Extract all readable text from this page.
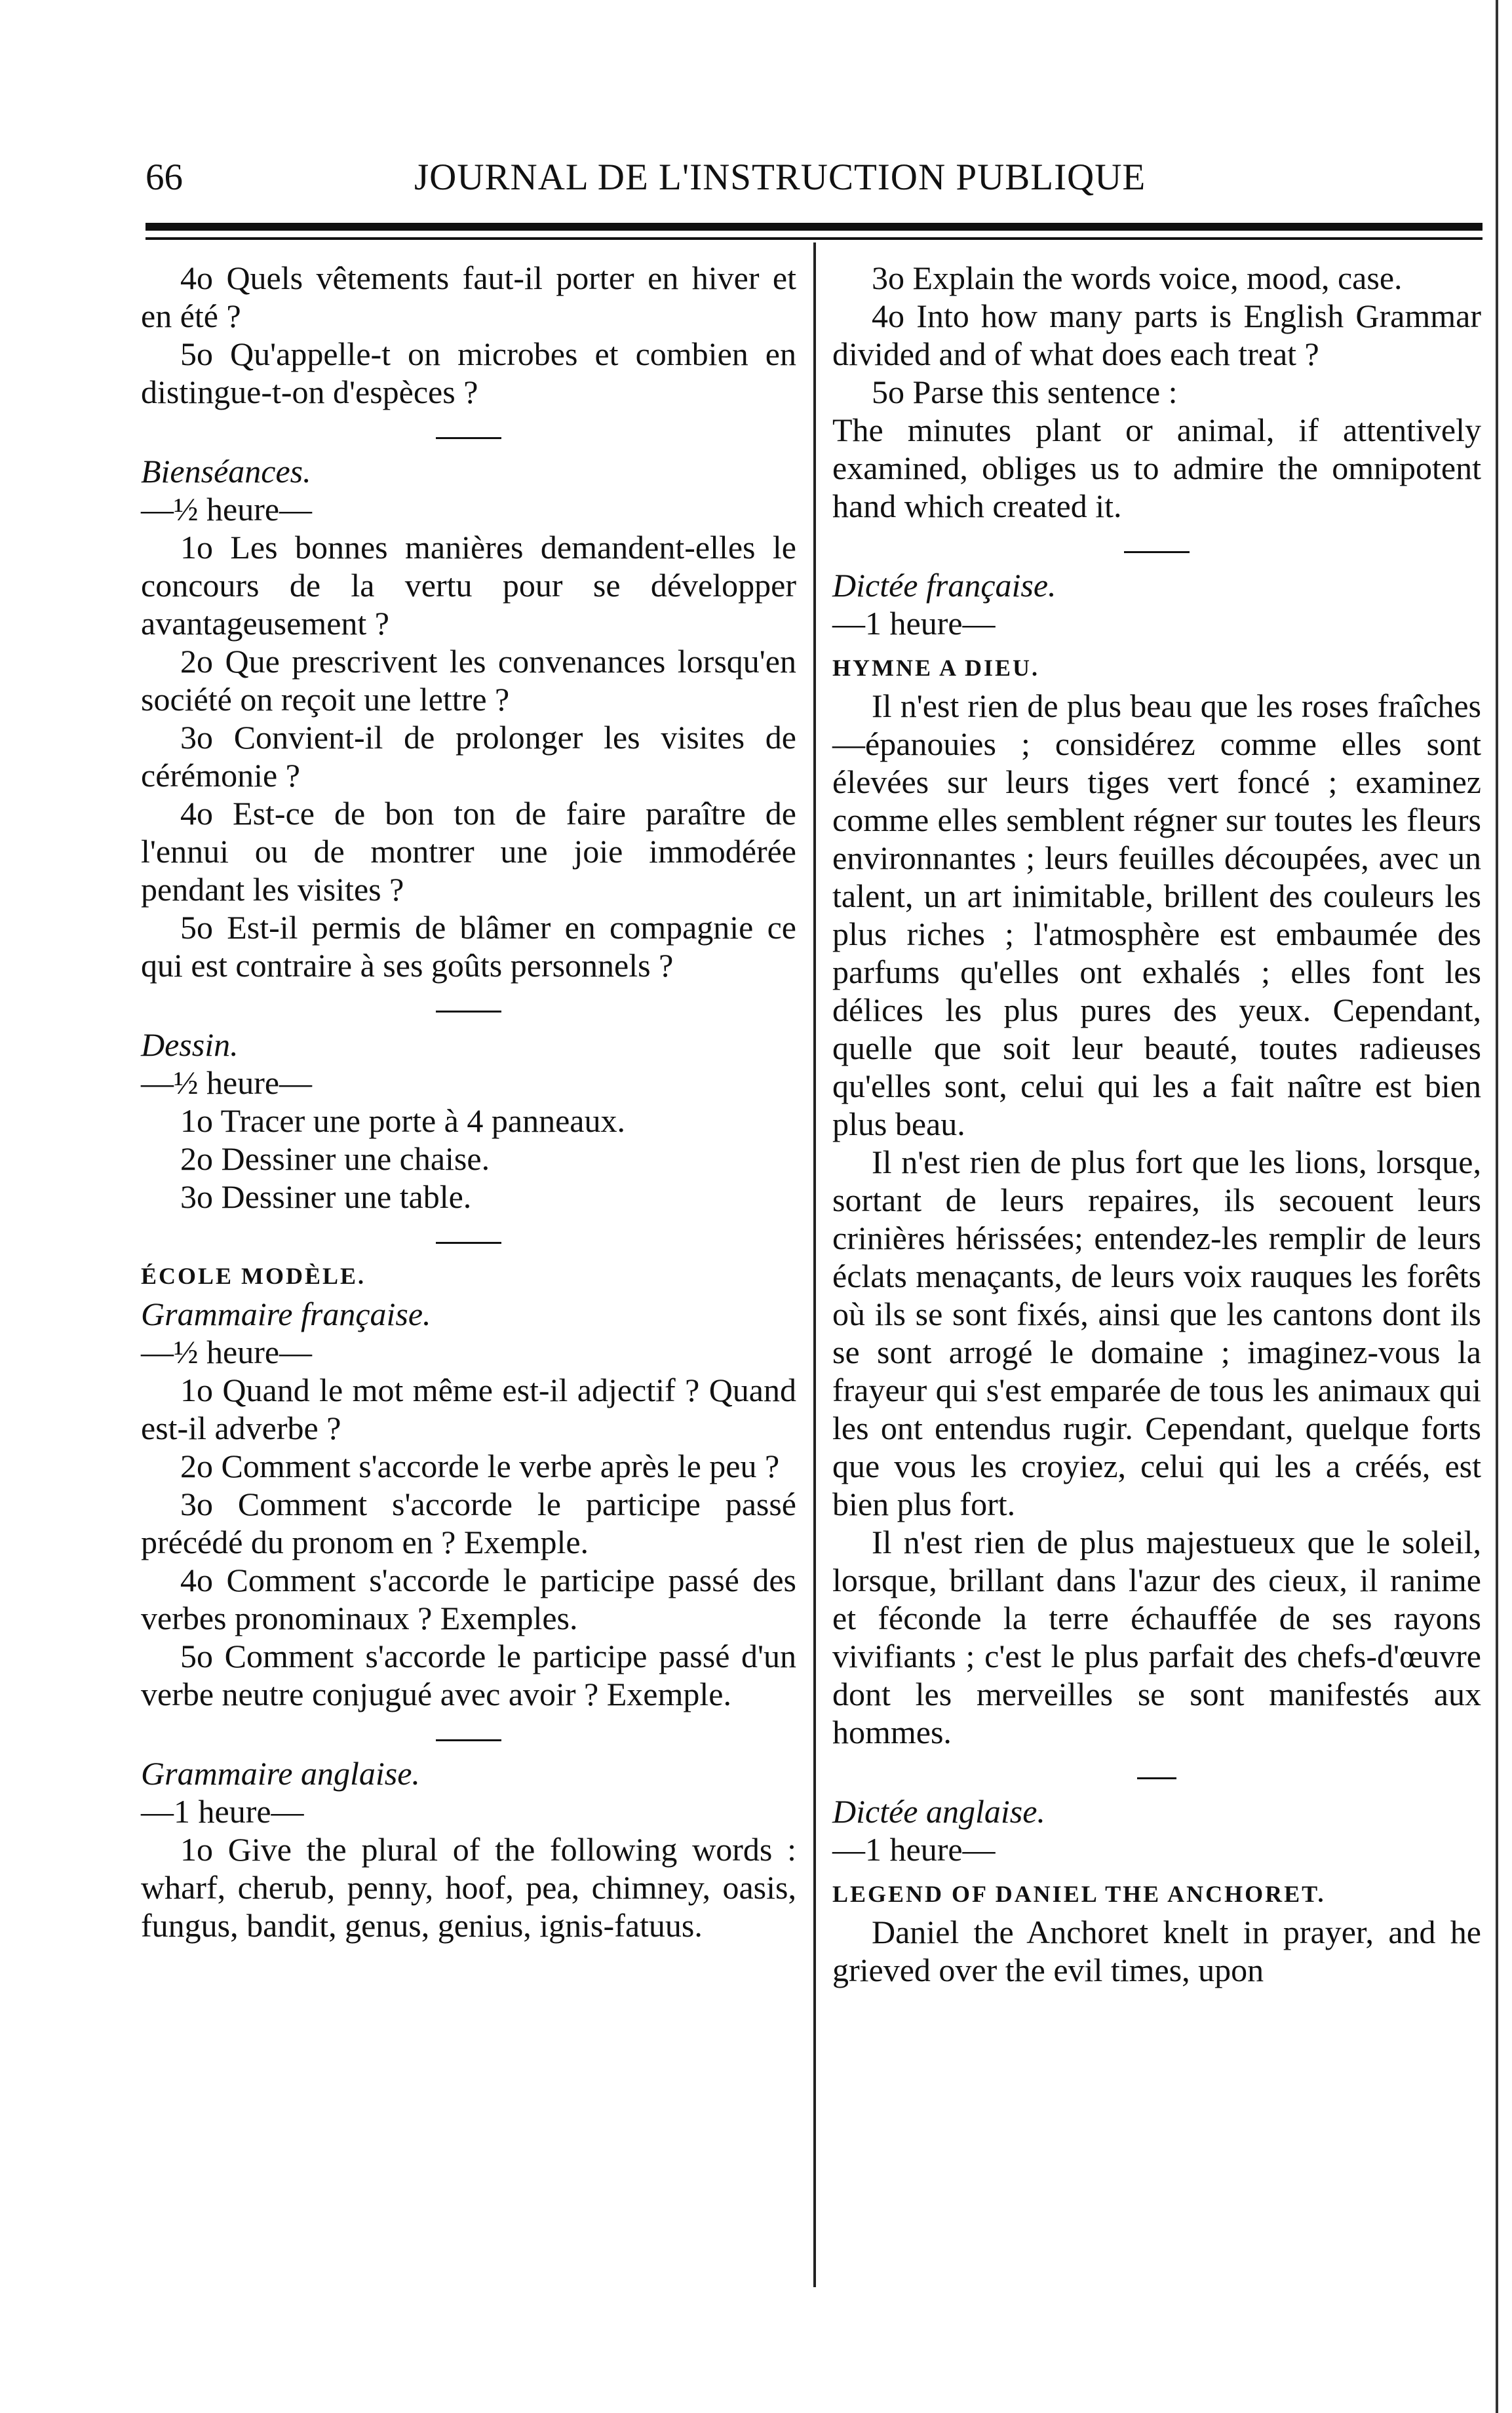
66	JOURNAL DE L'INSTRUCTION PUBLIQUE

4o Quels vêtements faut-il porter en hiver et en été ?

5o Qu'appelle-t on microbes et combien en distingue-t-on d'espèces ?

Bienséances.

—½ heure—

1o Les bonnes manières demandent-elles le concours de la vertu pour se développer avantageusement ?

2o Que prescrivent les convenances lorsqu'en société on reçoit une lettre ?

3o Convient-il de prolonger les visites de cérémonie ?

4o Est-ce de bon ton de faire paraître de l'ennui ou de montrer une joie immodérée pendant les visites ?

5o Est-il permis de blâmer en compagnie ce qui est contraire à ses goûts personnels ?

Dessin.

—½ heure—

1o Tracer une porte à 4 panneaux.

2o Dessiner une chaise.

3o Dessiner une table.

ÉCOLE MODÈLE.

Grammaire française.

—½ heure—

1o Quand le mot même est-il adjectif ? Quand est-il adverbe ?

2o Comment s'accorde le verbe après le peu ?

3o Comment s'accorde le participe passé précédé du pronom en ? Exemple.

4o Comment s'accorde le participe passé des verbes pronominaux ? Exemples.

5o Comment s'accorde le participe passé d'un verbe neutre conjugué avec avoir ? Exemple.

Grammaire anglaise.

—1 heure—

1o Give the plural of the following words : wharf, cherub, penny, hoof, pea, chimney, oasis, fungus, bandit, genus, genius, ignis-fatuus.

3o Explain the words voice, mood, case.

4o Into how many parts is English Grammar divided and of what does each treat ?

5o Parse this sentence :

The minutes plant or animal, if attentively examined, obliges us to admire the omnipotent hand which created it.

Dictée française.

—1 heure—

HYMNE A DIEU.

Il n'est rien de plus beau que les roses fraîches—épanouies ; considérez comme elles sont élevées sur leurs tiges vert foncé ; examinez comme elles semblent régner sur toutes les fleurs environnantes ; leurs feuilles découpées, avec un talent, un art inimitable, brillent des couleurs les plus riches ; l'atmosphère est embaumée des parfums qu'elles ont exhalés ; elles font les délices les plus pures des yeux. Cependant, quelle que soit leur beauté, toutes radieuses qu'elles sont, celui qui les a fait naître est bien plus beau.

Il n'est rien de plus fort que les lions, lorsque, sortant de leurs repaires, ils secouent leurs crinières hérissées; entendez-les remplir de leurs éclats menaçants, de leurs voix rauques les forêts où ils se sont fixés, ainsi que les cantons dont ils se sont arrogé le domaine ; imaginez-vous la frayeur qui s'est emparée de tous les animaux qui les ont entendus rugir. Cependant, quelque forts que vous les croyiez, celui qui les a créés, est bien plus fort.

Il n'est rien de plus majestueux que le soleil, lorsque, brillant dans l'azur des cieux, il ranime et féconde la terre échauffée de ses rayons vivifiants ; c'est le plus parfait des chefs-d'œuvre dont les merveilles se sont manifestés aux hommes.

Dictée anglaise.

—1 heure—

LEGEND OF DANIEL THE ANCHORET.

Daniel the Anchoret knelt in prayer, and he grieved over the evil times, upon
